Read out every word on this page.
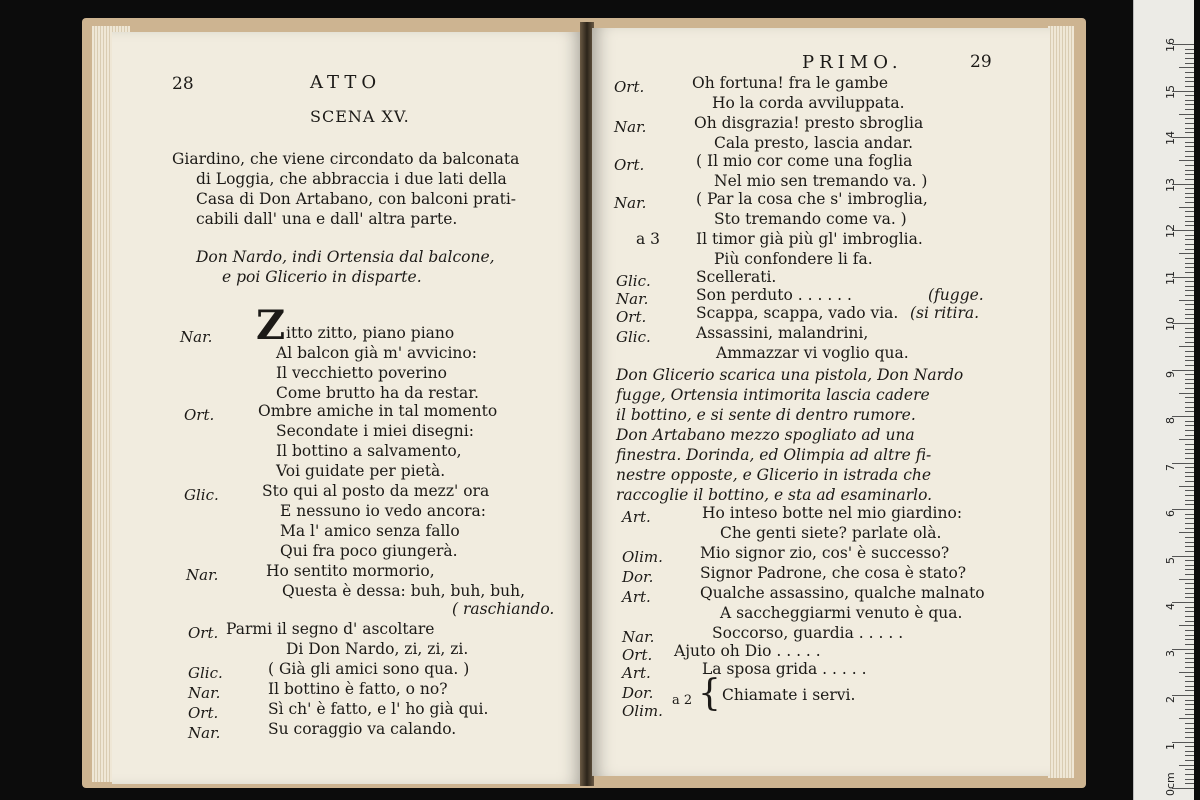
28	ATTO
SCENA XV.
Giardino, che viene circondato da balconata
di Loggia, che abbraccia i due lati della
Casa di Don Artabano, con balconi prati-
cabili dall' una e dall' altra parte.
Don Nardo, indi Ortensia dal balcone,
e poi Glicerio in disparte.
Nar. Z itto zitto, piano piano
Al balcon già m' avvicino:
Il vecchietto poverino
Come brutto ha da restar.
Ort.	Ombre amiche in tal momento
Secondate i miei disegni:
Il bottino a salvamento,
Voi guidate per pietà.
Glic.	Sto qui al posto da mezz' ora
E nessuno io vedo ancora:
Ma l' amico senza fallo
Qui fra poco giungerà.
Nar.	Ho sentito mormorio,
Questa è dessa: buh, buh, buh,
( raschiando.
Ort. Parmi il segno d' ascoltare
Di Don Nardo, zi, zi, zi.
Glic.	( Già gli amici sono qua. )
Nar.	Il bottino è fatto, o no?
Ort.	Sì ch' è fatto, e l' ho già qui.
Nar.	Su coraggio va calando.
PRIMO.	29
Ort.	Oh fortuna! fra le gambe
Ho la corda avviluppata.
Nar.	Oh disgrazia! presto sbroglia
Cala presto, lascia andar.
Ort.	( Il mio cor come una foglia
Nel mio sen tremando va. )
Nar.	( Par la cosa che s' imbroglia,
Sto tremando come va. )
a 3 Il timor già più gl' imbroglia.
Più confondere li fa.
Glic.	Scellerati.
Nar.	Son perduto . . . . . .	(fugge.
Ort.	Scappa, scappa, vado via. (si ritira.
Glic.	Assassini, malandrini,
Ammazzar vi voglio qua.
Don Glicerio scarica una pistola, Don Nardo
fugge, Ortensia intimorita lascia cadere
il bottino, e si sente di dentro rumore.
Don Artabano mezzo spogliato ad una
finestra. Dorinda, ed Olimpia ad altre fi-
nestre opposte, e Glicerio in istrada che
raccoglie il bottino, e sta ad esaminarlo.
Art.	Ho inteso botte nel mio giardino:
Che genti siete? parlate olà.
Olim. Mio signor zio, cos' è successo?
Dor.	Signor Padrone, che cosa è stato?
Art.	Qualche assassino, qualche malnato
A saccheggiarmi venuto è qua.
Nar.	Soccorso, guardia . . . . .
Ort. Ajuto oh Dio . . . . .
Art.	La sposa grida . . . . .
Dor.
Olim.
a 2 { Chiamate i servi.
16
15
14
13
12
11
10
9
8
7
6
5
4
3
2
1
0cm
